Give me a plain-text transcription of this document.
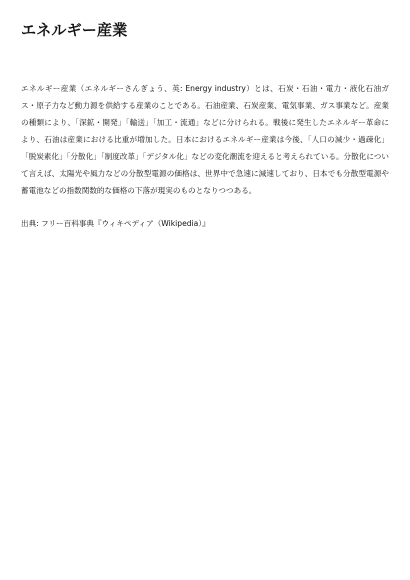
エネルギー産業

エネルギー産業（エネルギーさんぎょう、英: Energy industry）とは、石炭・石油・電力・液化石油ガス・原子力など動力源を供給する産業のことである。石油産業、石炭産業、電気事業、ガス事業など。産業の種類により、「深鉱・開発」「輸送」「加工・流通」などに分けられる。戦後に発生したエネルギー革命により、石油は産業における比重が増加した。日本におけるエネルギー産業は今後、「人口の減少・過疎化」「脱炭素化」「分散化」「制度改革」「デジタル化」などの変化潮流を迎えると考えられている。分散化について言えば、太陽光や風力などの分散型電源の価格は、世界中で急速に減速しており、日本でも分散型電源や蓄電池などの指数関数的な価格の下落が現実のものとなりつつある。

出典: フリー百科事典『ウィキペディア（Wikipedia）』
